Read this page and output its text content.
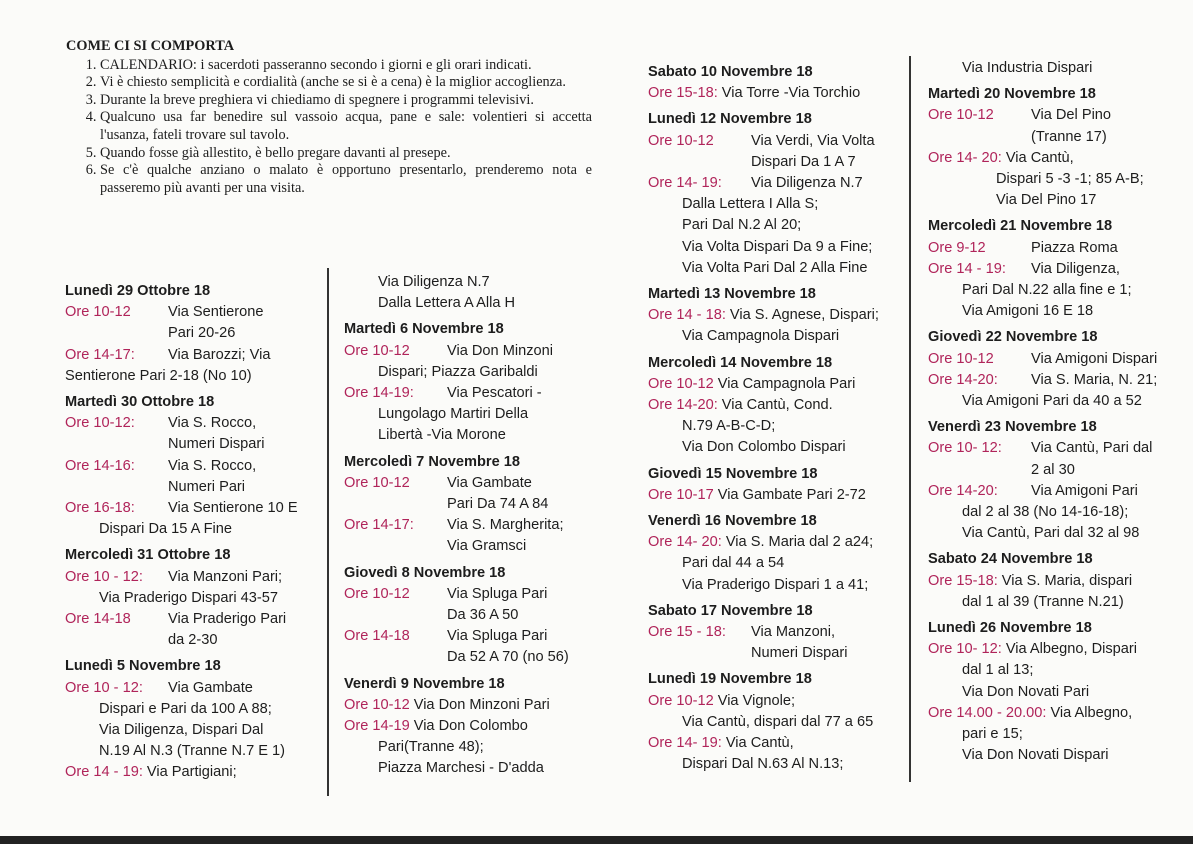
COME CI SI COMPORTA
1. CALENDARIO: i sacerdoti passeranno secondo i giorni e gli orari indicati.
2. Vi è chiesto semplicità e cordialità (anche se si è a cena) è la miglior accoglienza.
3. Durante la breve preghiera vi chiediamo di spegnere i programmi televisivi.
4. Qualcuno usa far benedire sul vassoio acqua, pane e sale: volentieri si accetta l'usanza, fateli trovare sul tavolo.
5. Quando fosse già allestito, è bello pregare davanti al presepe.
6. Se c'è qualche anziano o malato è opportuno presentarlo, prenderemo nota e passeremo più avanti per una visita.
Lunedì 29 Ottobre 18
Ore 10-12	Via Sentierone
Pari 20-26
Ore 14-17:	Via Barozzi; Via
Sentierone Pari 2-18 (No 10)
Martedì 30 Ottobre 18
Ore 10-12:	Via S. Rocco,
Numeri Dispari
Ore 14-16:	Via S. Rocco,
Numeri Pari
Ore 16-18:	Via Sentierone 10 E
Dispari Da 15 A Fine
Mercoledì 31 Ottobre 18
Ore 10 - 12:	Via Manzoni Pari;
Via Praderigo Dispari 43-57
Ore 14-18	Via Praderigo Pari
da 2-30
Lunedì 5 Novembre 18
Ore 10 - 12:	Via Gambate
Dispari e Pari da 100 A 88;
Via Diligenza, Dispari Dal
N.19 Al N.3 (Tranne N.7 E 1)
Ore 14 - 19: Via Partigiani;
Via Diligenza N.7
Dalla Lettera A Alla H
Martedì 6 Novembre 18
Ore 10-12	Via Don Minzoni
Dispari; Piazza Garibaldi
Ore 14-19:	Via Pescatori -
Lungolago Martiri Della
Libertà -Via Morone
Mercoledì 7 Novembre 18
Ore 10-12	Via Gambate
Pari Da 74 A 84
Ore 14-17:	Via S. Margherita;
Via Gramsci
Giovedì 8 Novembre 18
Ore 10-12	Via Spluga Pari
Da 36 A 50
Ore 14-18	Via Spluga Pari
Da 52 A 70 (no 56)
Venerdì 9 Novembre 18
Ore 10-12 Via Don Minzoni Pari
Ore 14-19 Via Don Colombo
Pari(Tranne 48);
Piazza Marchesi - D'adda
Sabato 10 Novembre 18
Ore 15-18: Via Torre -Via Torchio
Lunedì 12 Novembre 18
Ore 10-12	Via Verdi, Via Volta
Dispari Da 1 A 7
Ore 14- 19:	Via Diligenza N.7
Dalla Lettera I Alla S;
Pari Dal N.2 Al 20;
Via Volta Dispari Da 9 a Fine;
Via Volta Pari Dal 2 Alla Fine
Martedì 13 Novembre 18
Ore 14 - 18: Via S. Agnese, Dispari;
Via Campagnola Dispari
Mercoledì 14 Novembre 18
Ore 10-12 Via Campagnola Pari
Ore 14-20: Via Cantù, Cond.
N.79 A-B-C-D;
Via Don Colombo Dispari
Giovedì 15 Novembre 18
Ore 10-17 Via Gambate Pari 2-72
Venerdì 16 Novembre 18
Ore 14- 20: Via S. Maria dal 2 a24;
Pari dal 44 a 54
Via Praderigo Dispari 1 a 41;
Sabato 17 Novembre 18
Ore 15 - 18:	Via Manzoni,
Numeri Dispari
Lunedì 19 Novembre 18
Ore 10-12 Via Vignole;
Via Cantù, dispari dal 77 a 65
Ore 14- 19: Via Cantù,
Dispari Dal N.63 Al N.13;
Via Industria Dispari
Martedì 20 Novembre 18
Ore 10-12	Via Del Pino
(Tranne 17)
Ore 14- 20: Via Cantù,
Dispari 5 -3 -1; 85 A-B;
Via Del Pino 17
Mercoledì 21 Novembre 18
Ore 9-12	Piazza Roma
Ore 14 - 19:	Via Diligenza,
Pari Dal N.22 alla fine e 1;
Via Amigoni 16 E 18
Giovedì 22 Novembre 18
Ore 10-12	Via Amigoni Dispari
Ore 14-20:	Via S. Maria, N. 21;
Via Amigoni Pari da 40 a 52
Venerdì 23 Novembre 18
Ore 10- 12:	Via Cantù, Pari dal
2 al 30
Ore 14-20:	Via Amigoni Pari
dal 2 al 38 (No 14-16-18);
Via Cantù, Pari dal 32 al 98
Sabato 24 Novembre 18
Ore 15-18: Via S. Maria, dispari
dal 1 al 39 (Tranne N.21)
Lunedì 26 Novembre 18
Ore 10- 12: Via Albegno, Dispari
dal 1 al 13;
Via Don Novati Pari
Ore 14.00 - 20.00: Via Albegno,
pari e 15;
Via Don Novati Dispari
